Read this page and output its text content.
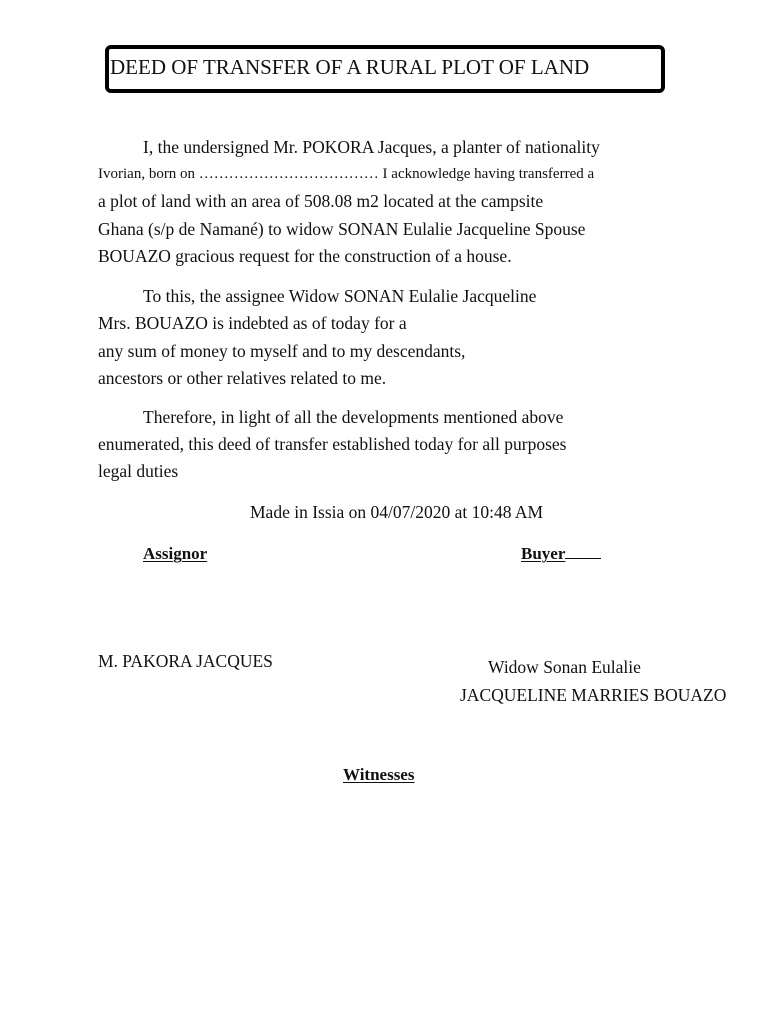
DEED OF TRANSFER OF A RURAL PLOT OF LAND
I, the undersigned Mr. POKORA Jacques, a planter of nationality
Ivorian, born on ……………………………… I acknowledge having transferred a
a plot of land with an area of 508.08 m2 located at the campsite
Ghana (s/p de Namané) to widow SONAN Eulalie Jacqueline Spouse
BOUAZO gracious request for the construction of a house.
To this, the assignee Widow SONAN Eulalie Jacqueline
Mrs. BOUAZO is indebted as of today for a
any sum of money to myself and to my descendants,
ancestors or other relatives related to me.
Therefore, in light of all the developments mentioned above
enumerated, this deed of transfer established today for all purposes
legal duties
Made in Issia on 04/07/2020 at 10:48 AM
Assignor	Buyer
M. PAKORA JACQUES	Widow Sonan Eulalie
JACQUELINE MARRIES BOUAZO
Witnesses
